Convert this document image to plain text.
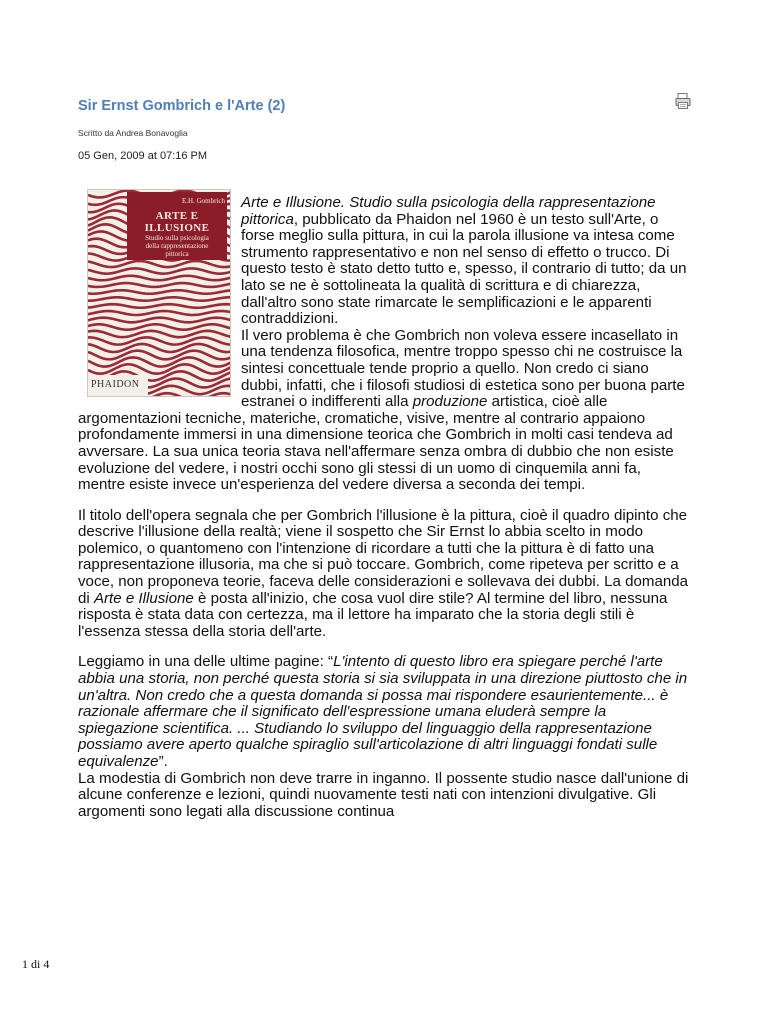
Sir Ernst Gombrich e l'Arte (2)
Scritto da Andrea Bonavoglia
05 Gen, 2009 at 07:16 PM
E.H. Gombrich
ARTE E ILLUSIONE
Studio sulla psicologia
della rappresentazione
pittorica
PHAIDON

Arte e Illusione. Studio sulla psicologia della rappresentazione pittorica, pubblicato da Phaidon nel 1960 è un testo sull'Arte, o forse meglio sulla pittura, in cui la parola illusione va intesa come strumento rappresentativo e non nel senso di effetto o trucco. Di questo testo è stato detto tutto e, spesso, il contrario di tutto; da un lato se ne è sottolineata la qualità di scrittura e di chiarezza, dall'altro sono state rimarcate le semplificazioni e le apparenti contraddizioni.

Il vero problema è che Gombrich non voleva essere incasellato in una tendenza filosofica, mentre troppo spesso chi ne costruisce la sintesi concettuale tende proprio a quello. Non credo ci siano dubbi, infatti, che i filosofi studiosi di estetica sono per buona parte estranei o indifferenti alla produzione artistica, cioè alle argomentazioni tecniche, materiche, cromatiche, visive, mentre al contrario appaiono profondamente immersi in una dimensione teorica che Gombrich in molti casi tendeva ad avversare. La sua unica teoria stava nell'affermare senza ombra di dubbio che non esiste evoluzione del vedere, i nostri occhi sono gli stessi di un uomo di cinquemila anni fa, mentre esiste invece un'esperienza del vedere diversa a seconda dei tempi.

Il titolo dell'opera segnala che per Gombrich l'illusione è la pittura, cioè il quadro dipinto che descrive l'illusione della realtà; viene il sospetto che Sir Ernst lo abbia scelto in modo polemico, o quantomeno con l'intenzione di ricordare a tutti che la pittura è di fatto una rappresentazione illusoria, ma che si può toccare. Gombrich, come ripeteva per scritto e a voce, non proponeva teorie, faceva delle considerazioni e sollevava dei dubbi. La domanda di Arte e Illusione è posta all'inizio, che cosa vuol dire stile? Al termine del libro, nessuna risposta è stata data con certezza, ma il lettore ha imparato che la storia degli stili è l'essenza stessa della storia dell'arte.

Leggiamo in una delle ultime pagine: “L'intento di questo libro era spiegare perché l'arte abbia una storia, non perché questa storia si sia sviluppata in una direzione piuttosto che in un'altra. Non credo che a questa domanda si possa mai rispondere esaurientemente... è razionale affermare che il significato dell'espressione umana eluderà sempre la spiegazione scientifica. ... Studiando lo sviluppo del linguaggio della rappresentazione possiamo avere aperto qualche spiraglio sull'articolazione di altri linguaggi fondati sulle equivalenze”.

La modestia di Gombrich non deve trarre in inganno. Il possente studio nasce dall'unione di alcune conferenze e lezioni, quindi nuovamente testi nati con intenzioni divulgative. Gli argomenti sono legati alla discussione continua

1 di 4
